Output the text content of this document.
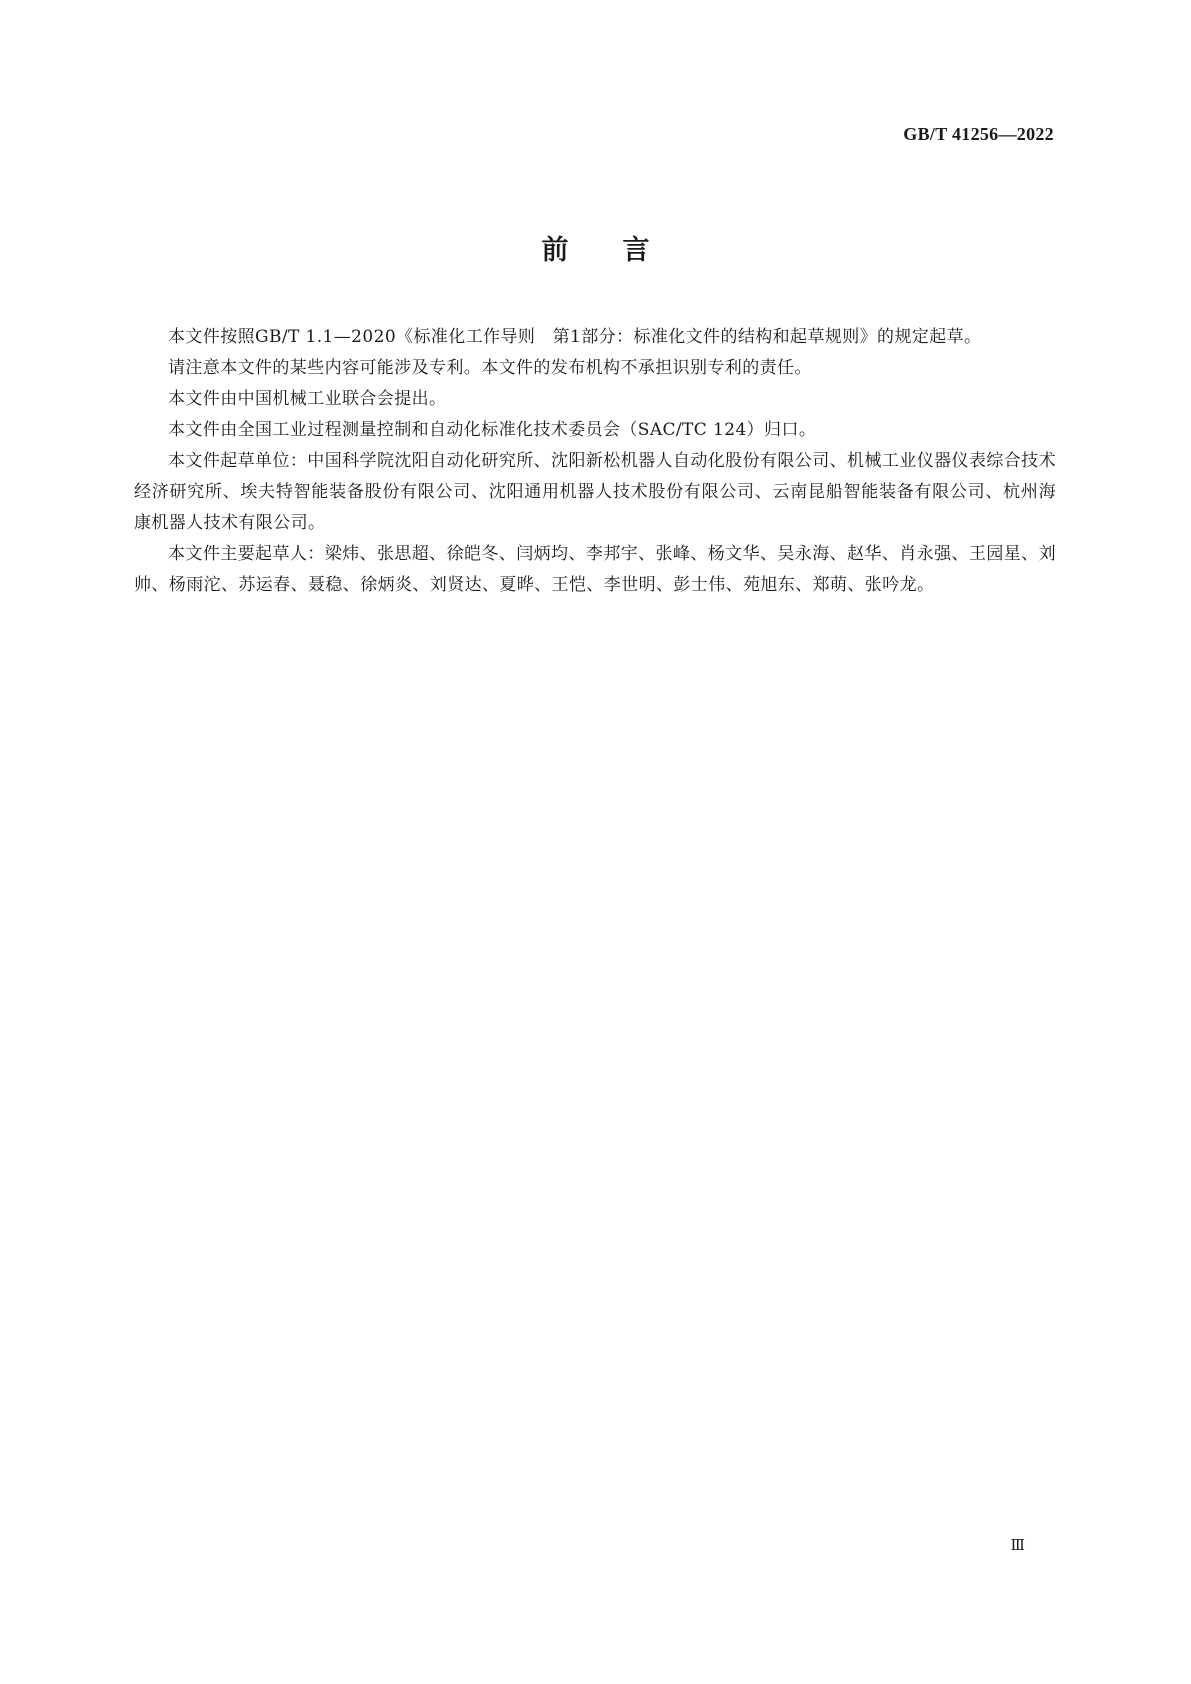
GB/T 41256—2022
前言

本文件按照GB/T 1.1—2020《标准化工作导则　第1部分：标准化文件的结构和起草规则》的规定起草。

请注意本文件的某些内容可能涉及专利。本文件的发布机构不承担识别专利的责任。

本文件由中国机械工业联合会提出。

本文件由全国工业过程测量控制和自动化标准化技术委员会（SAC/TC 124）归口。

本文件起草单位：中国科学院沈阳自动化研究所、沈阳新松机器人自动化股份有限公司、机械工业仪器仪表综合技术经济研究所、埃夫特智能装备股份有限公司、沈阳通用机器人技术股份有限公司、云南昆船智能装备有限公司、杭州海康机器人技术有限公司。

本文件主要起草人：梁炜、张思超、徐皑冬、闫炳均、李邦宇、张峰、杨文华、吴永海、赵华、肖永强、王园星、刘帅、杨雨沱、苏运春、聂稳、徐炳炎、刘贤达、夏晔、王恺、李世明、彭士伟、苑旭东、郑萌、张吟龙。

Ⅲ
